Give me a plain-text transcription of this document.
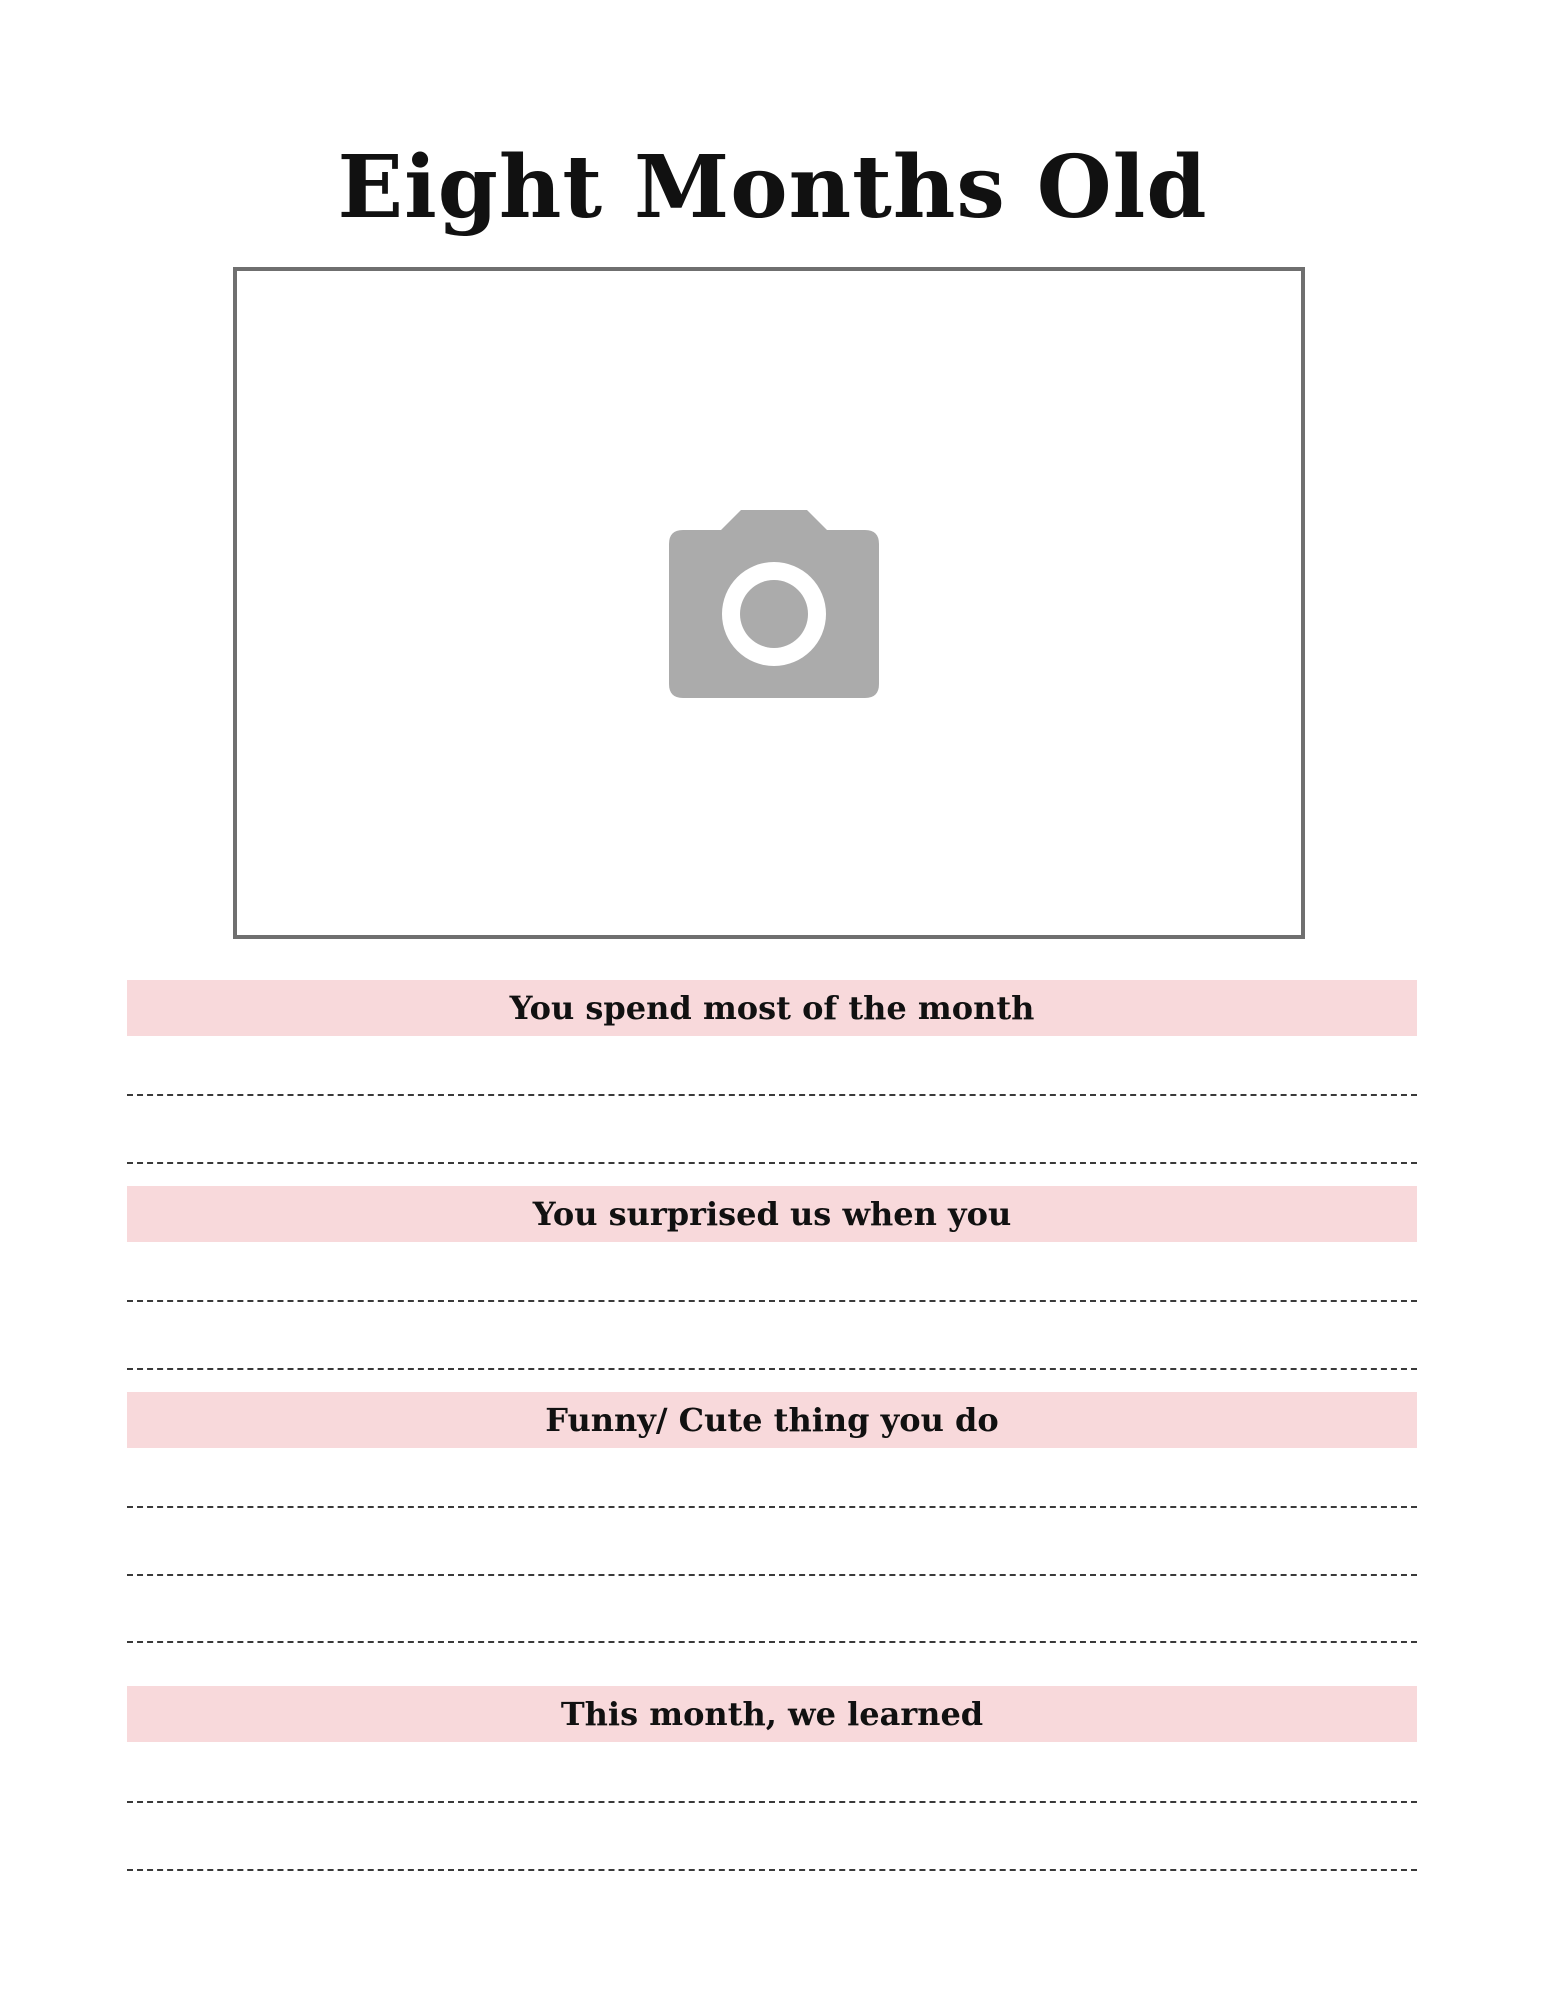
Eight Months Old
You spend most of the month
You surprised us when you
Funny/ Cute thing you do
This month, we learned
